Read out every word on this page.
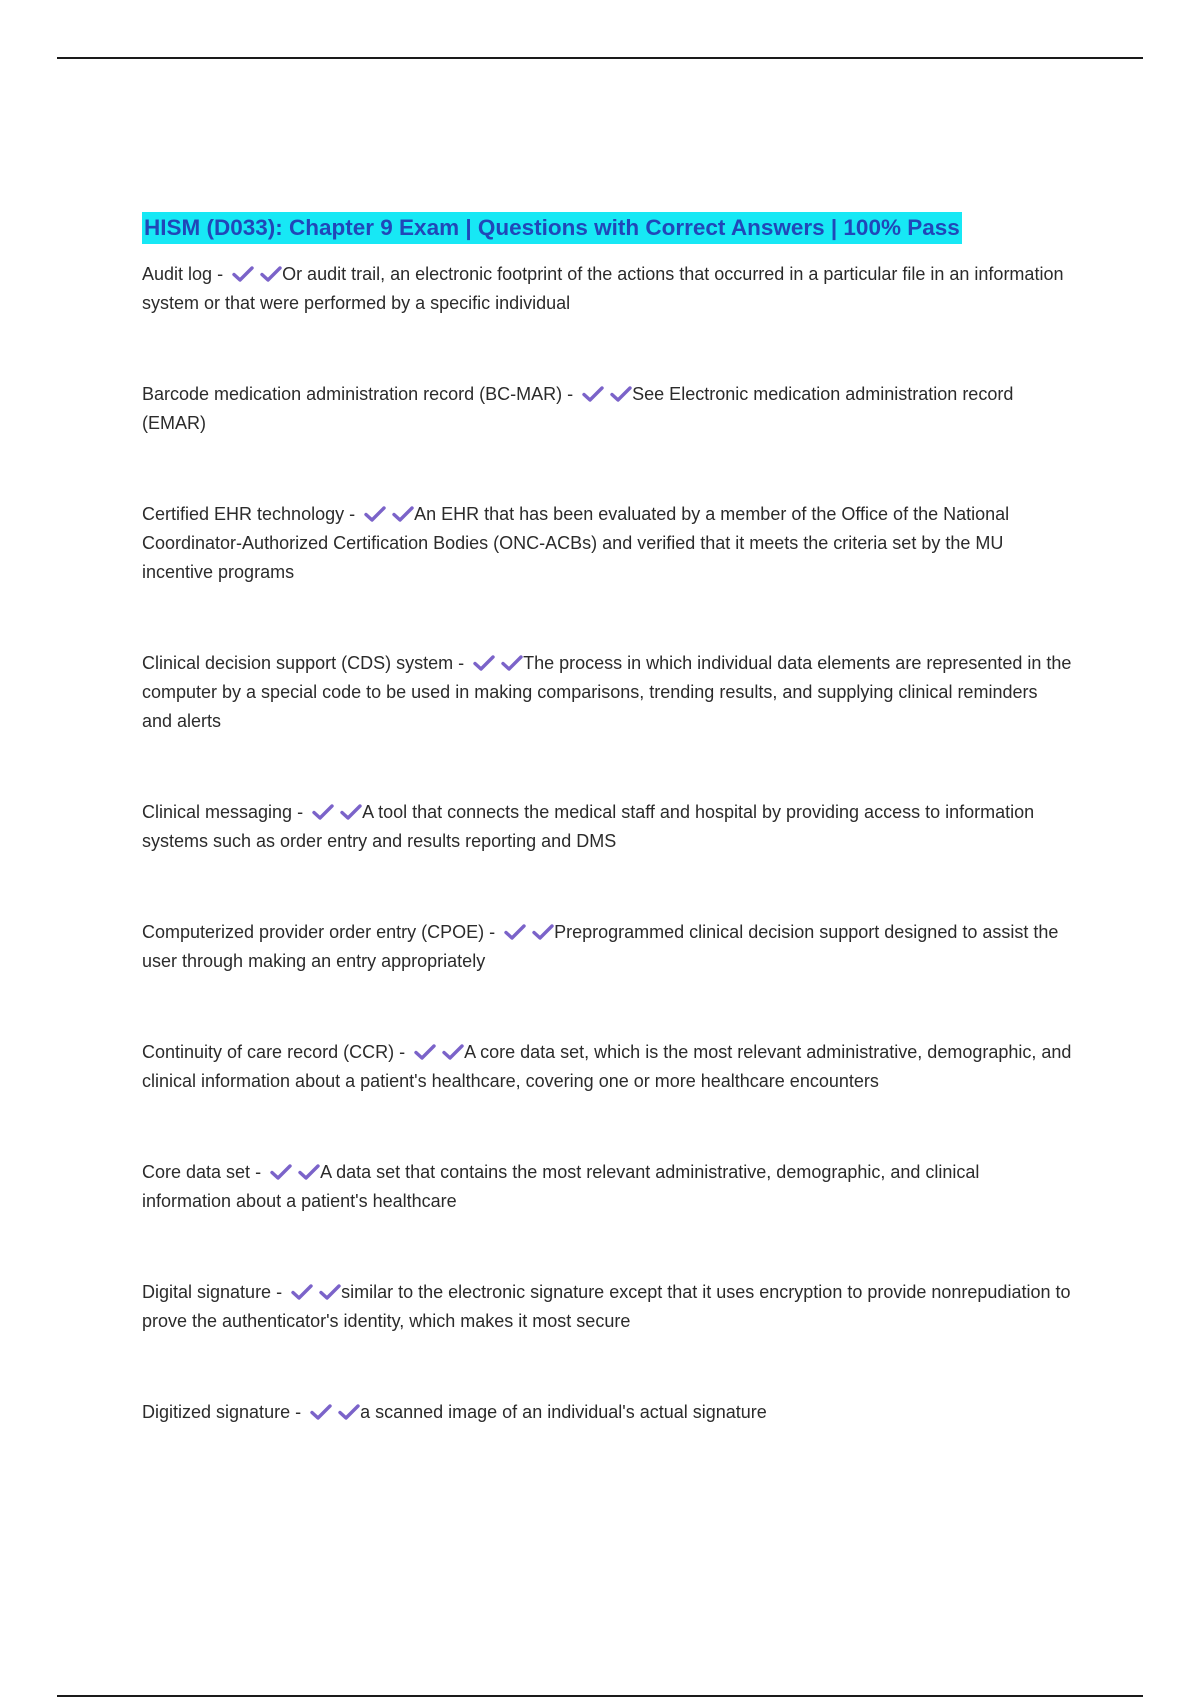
HISM (D033): Chapter 9 Exam | Questions with Correct Answers | 100% Pass

Audit log -	Or audit trail, an electronic footprint of the actions that occurred in a particular file in an information system or that were performed by a specific individual

Barcode medication administration record (BC-MAR) -	See Electronic medication administration record (EMAR)

Certified EHR technology -	An EHR that has been evaluated by a member of the Office of the National Coordinator-Authorized Certification Bodies (ONC-ACBs) and verified that it meets the criteria set by the MU incentive programs

Clinical decision support (CDS) system -	The process in which individual data elements are represented in the computer by a special code to be used in making comparisons, trending results, and supplying clinical reminders and alerts

Clinical messaging -	A tool that connects the medical staff and hospital by providing access to information systems such as order entry and results reporting and DMS

Computerized provider order entry (CPOE) -	Preprogrammed clinical decision support designed to assist the user through making an entry appropriately

Continuity of care record (CCR) -	A core data set, which is the most relevant administrative, demographic, and clinical information about a patient's healthcare, covering one or more healthcare encounters

Core data set -	A data set that contains the most relevant administrative, demographic, and clinical information about a patient's healthcare

Digital signature -	similar to the electronic signature except that it uses encryption to provide nonrepudiation to prove the authenticator's identity, which makes it most secure

Digitized signature -	a scanned image of an individual's actual signature
